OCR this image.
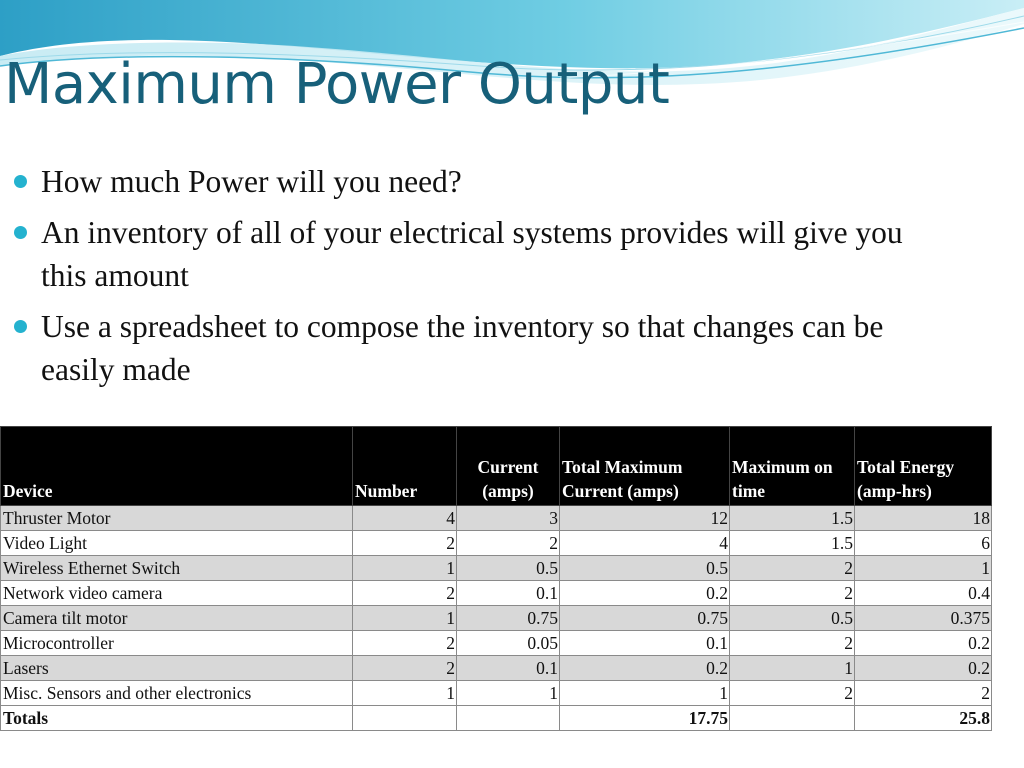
Maximum Power Output
How much Power will you need?
An inventory of all of your electrical systems provides will give you this amount
Use a spreadsheet to compose the inventory so that changes can be easily made
Device	Number	Current (amps)	Total Maximum Current (amps)	Maximum on time	Total Energy (amp-hrs)
Thruster Motor	4	3	12	1.5	18
Video Light	2	2	4	1.5	6
Wireless Ethernet Switch	1	0.5	0.5	2	1
Network video camera	2	0.1	0.2	2	0.4
Camera tilt motor	1	0.75	0.75	0.5	0.375
Microcontroller	2	0.05	0.1	2	0.2
Lasers	2	0.1	0.2	1	0.2
Misc. Sensors and other electronics	1	1	1	2	2
Totals			17.75		25.8
